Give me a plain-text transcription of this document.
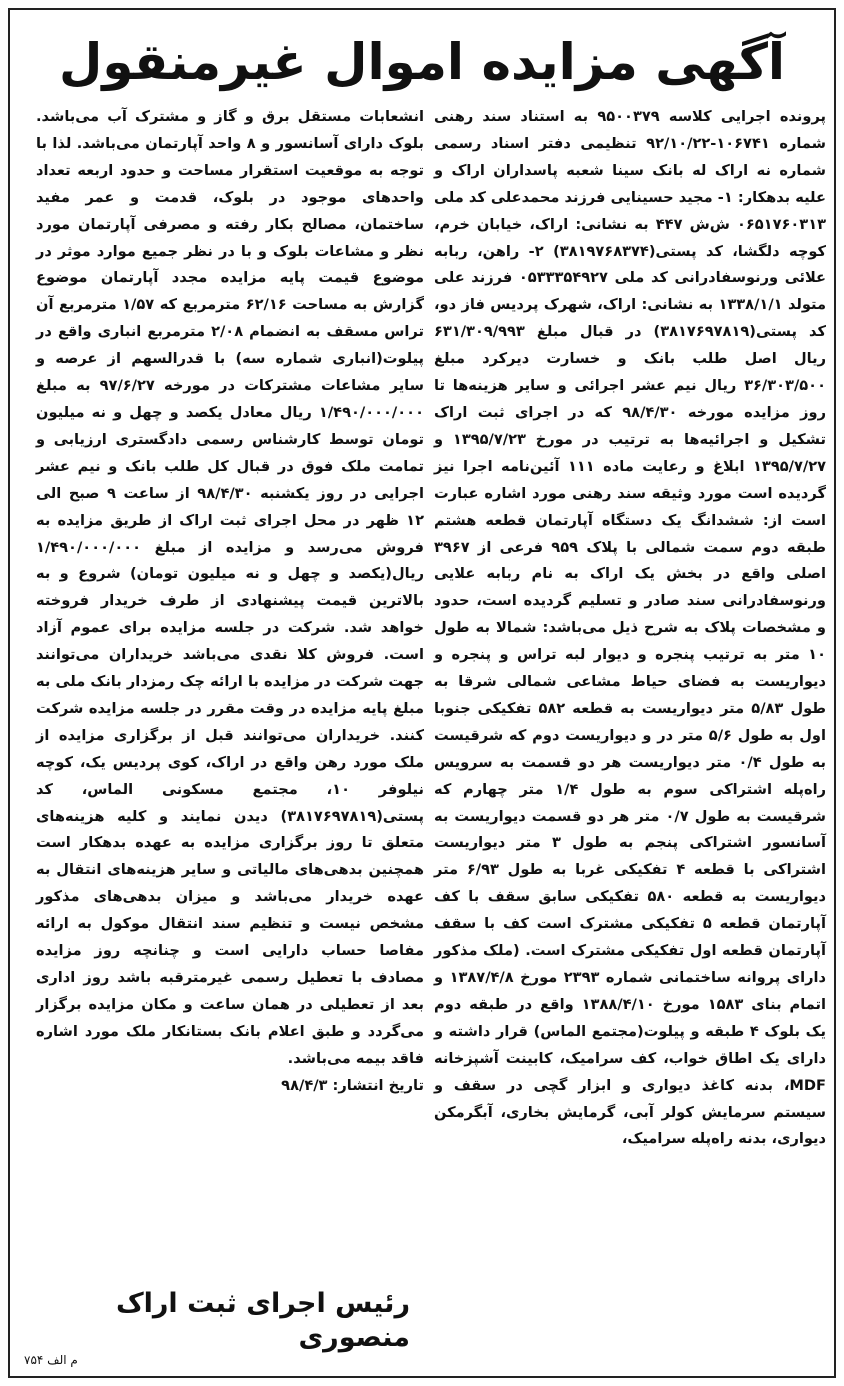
آگهی مزایده اموال غیرمنقول

پرونده اجرایی کلاسه ۹۵۰۰۳۷۹ به استناد سند رهنی شماره ۱۰۶۷۴۱-۹۲/۱۰/۲۲ تنظیمی دفتر اسناد رسمی شماره نه اراک له بانک سینا شعبه پاسداران اراک و علیه بدهکار: ۱- مجید حسینایی فرزند محمدعلی کد ملی ۰۶۵۱۷۶۰۳۱۳ ش‌ش ۴۴۷ به نشانی: اراک، خیابان خرم، کوچه دلگشا، کد پستی(۳۸۱۹۷۶۸۳۷۴) ۲- راهن، ربابه علائی ورنوسفادرانی کد ملی ۰۵۳۳۳۵۴۹۲۷ فرزند علی متولد ۱۳۳۸/۱/۱ به نشانی: اراک، شهرک پردیس فاز دو، کد پستی(۳۸۱۷۶۹۷۸۱۹) در قبال مبلغ ۶۳۱/۳۰۹/۹۹۳ ریال اصل طلب بانک و خسارت دیرکرد مبلغ ۳۶/۳۰۳/۵۰۰ ریال نیم عشر اجرائی و سایر هزینه‌ها تا روز مزایده مورخه ۹۸/۴/۳۰ که در اجرای ثبت اراک تشکیل و اجرائیه‌ها به ترتیب در مورخ ۱۳۹۵/۷/۲۳ و ۱۳۹۵/۷/۲۷ ابلاغ و رعایت ماده ۱۱۱ آئین‌نامه اجرا نیز گردیده است مورد وثیقه سند رهنی مورد اشاره عبارت است از: ششدانگ یک دستگاه آپارتمان قطعه هشتم طبقه دوم سمت شمالی با پلاک ۹۵۹ فرعی از ۳۹۶۷ اصلی واقع در بخش یک اراک به نام ربابه علایی ورنوسفادرانی سند صادر و تسلیم گردیده است، حدود و مشخصات پلاک به شرح ذیل می‌باشد: شمالا به طول ۱۰ متر به ترتیب پنجره و دیوار لبه تراس و پنجره و دیواریست به فضای حیاط مشاعی شمالی شرقا به طول ۵/۸۳ متر دیواریست به قطعه ۵۸۲ تفکیکی جنوبا اول به طول ۵/۶ متر در و دیواریست دوم که شرقیست به طول ۰/۴ متر دیواریست هر دو قسمت به سرویس راه‌پله اشتراکی سوم به طول ۱/۴ متر چهارم که شرقیست به طول ۰/۷ متر هر دو قسمت دیواریست به آسانسور اشتراکی پنجم به طول ۳ متر دیواریست اشتراکی با قطعه ۴ تفکیکی غربا به طول ۶/۹۳ متر دیواریست به قطعه ۵۸۰ تفکیکی سابق سقف با کف آپارتمان قطعه ۵ تفکیکی مشترک است کف با سقف آپارتمان قطعه اول تفکیکی مشترک است. (ملک مذکور دارای پروانه ساختمانی شماره ۲۳۹۳ مورخ ۱۳۸۷/۴/۸ و اتمام بنای ۱۵۸۳ مورخ ۱۳۸۸/۴/۱۰ واقع در طبقه دوم یک بلوک ۴ طبقه و پیلوت(مجتمع الماس) قرار داشته و دارای یک اطاق خواب، کف سرامیک، کابینت آشپزخانه MDF، بدنه کاغذ دیواری و ابزار گچی در سقف و سیستم سرمایش کولر آبی، گرمایش بخاری، آبگرمکن دیواری، بدنه راه‌پله سرامیک،

انشعابات مستقل برق و گاز و مشترک آب می‌باشد. بلوک دارای آسانسور و ۸ واحد آپارتمان می‌باشد. لذا با توجه به موقعیت استقرار مساحت و حدود اربعه تعداد واحدهای موجود در بلوک، قدمت و عمر مفید ساختمان، مصالح بکار رفته و مصرفی آپارتمان مورد نظر و مشاعات بلوک و با در نظر جمیع موارد موثر در موضوع قیمت پایه مزایده مجدد آپارتمان موضوع گزارش به مساحت ۶۲/۱۶ مترمربع که ۱/۵۷ مترمربع آن تراس مسقف به انضمام ۲/۰۸ مترمربع انباری واقع در پیلوت(انباری شماره سه) با قدرالسهم از عرصه و سایر مشاعات مشترکات در مورخه ۹۷/۶/۲۷ به مبلغ ۱/۴۹۰/۰۰۰/۰۰۰ ریال معادل یکصد و چهل و نه میلیون تومان توسط کارشناس رسمی دادگستری ارزیابی و تمامت ملک فوق در قبال کل طلب بانک و نیم عشر اجرایی در روز یکشنبه ۹۸/۴/۳۰ از ساعت ۹ صبح الی ۱۲ ظهر در محل اجرای ثبت اراک از طریق مزایده به فروش می‌رسد و مزایده از مبلغ ۱/۴۹۰/۰۰۰/۰۰۰ ریال(یکصد و چهل و نه میلیون تومان) شروع و به بالاترین قیمت پیشنهادی از طرف خریدار فروخته خواهد شد. شرکت در جلسه مزایده برای عموم آزاد است. فروش کلا نقدی می‌باشد خریداران می‌توانند جهت شرکت در مزایده با ارائه چک رمزدار بانک ملی به مبلغ پایه مزایده در وقت مقرر در جلسه مزایده شرکت کنند. خریداران می‌توانند قبل از برگزاری مزایده از ملک مورد رهن واقع در اراک، کوی پردیس یک، کوچه نیلوفر ۱۰، مجتمع مسکونی الماس، کد پستی(۳۸۱۷۶۹۷۸۱۹) دیدن نمایند و کلیه هزینه‌های متعلق تا روز برگزاری مزایده به عهده بدهکار است همچنین بدهی‌های مالیاتی و سایر هزینه‌های انتقال به عهده خریدار می‌باشد و میزان بدهی‌های مذکور مشخص نیست و تنظیم سند انتقال موکول به ارائه مفاصا حساب دارایی است و چنانچه روز مزایده مصادف با تعطیل رسمی غیرمترقبه باشد روز اداری بعد از تعطیلی در همان ساعت و مکان مزایده برگزار می‌گردد و طبق اعلام بانک بستانکار ملک مورد اشاره فاقد بیمه می‌باشد.

تاریخ انتشار: ۹۸/۴/۳

رئیس اجرای ثبت اراک
منصوری
م الف ۷۵۴
